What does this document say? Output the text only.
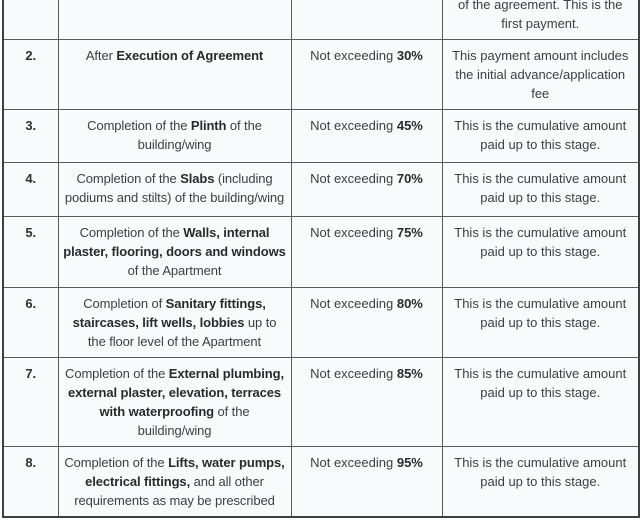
			of the agreement. This is the
first payment.
2.	After Execution of Agreement	Not exceeding 30%	This payment amount includes
the initial advance/application
fee
3.	Completion of the Plinth of the
building/wing	Not exceeding 45%	This is the cumulative amount
paid up to this stage.
4.	Completion of the Slabs (including
podiums and stilts) of the building/wing	Not exceeding 70%	This is the cumulative amount
paid up to this stage.
5.	Completion of the Walls, internal
plaster, flooring, doors and windows
of the Apartment	Not exceeding 75%	This is the cumulative amount
paid up to this stage.
6.	Completion of Sanitary fittings,
staircases, lift wells, lobbies up to
the floor level of the Apartment	Not exceeding 80%	This is the cumulative amount
paid up to this stage.
7.	Completion of the External plumbing,
external plaster, elevation, terraces
with waterproofing of the
building/wing	Not exceeding 85%	This is the cumulative amount
paid up to this stage.
8.	Completion of the Lifts, water pumps,
electrical fittings, and all other
requirements as may be prescribed	Not exceeding 95%	This is the cumulative amount
paid up to this stage.
